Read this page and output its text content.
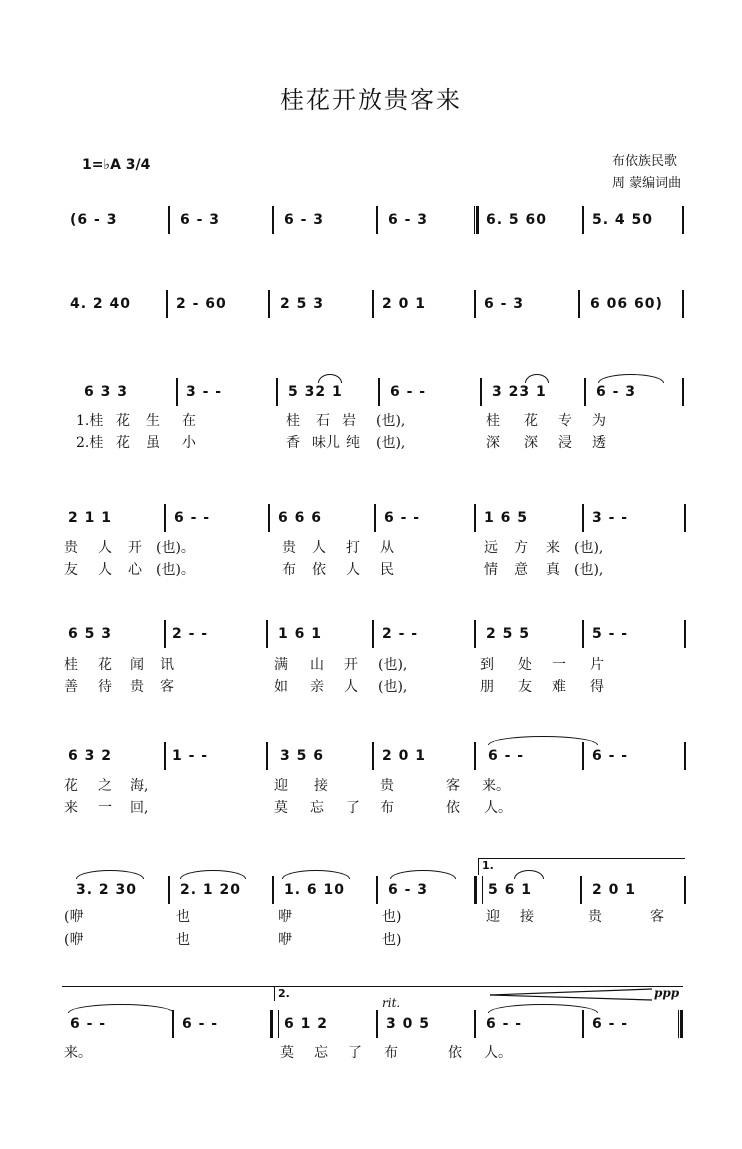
桂花开放贵客来
1=♭A 3/4	布依族民歌
周 蒙编词曲
(6 - 3	6 - 3	6 - 3	6 - 3	6. 5 60	5. 4 50
4. 2 40	2 - 60	2 5 3	2 0 1	6 - 3	6 06 60)
6 3 3	3 - -	5 32 1	6 - -	3 23 1	6 - 3
1.桂 花 生 在	桂 石 岩 (也),	桂 花 专 为
2.桂 花 虽 小	香 味儿 纯 (也),	深 深 浸 透
2 1 1	6 - -	6 6 6	6 - -	1 6 5	3 - -
贵 人 开 (也)。	贵 人 打 从	远 方 来 (也),
友 人 心 (也)。	布 依 人 民	情 意 真 (也),
6 5 3	2 - -	1 6 1	2 - -	2 5 5	5 - -
桂 花 闻 讯	满 山 开 (也),	到 处 一 片
善 待 贵 客	如 亲 人 (也),	朋 友 难 得
6 3 2	1 - -	3 5 6	2 0 1	6 - -	6 - -
花 之 海,	迎 接	贵	客 来。
来 一 回,	莫 忘 了 布	依 人。
1.
3. 2 30	2. 1 20	1. 6 10	6 - 3	5 6 1	2 0 1
(咿	也	咿	也)	迎 接	贵	客
(咿	也	咿	也)
2.
rit.
ppp
6 - -	6 - -	6 1 2	3 0 5	6 - -	6 - -
来。	莫 忘 了 布	依 人。
